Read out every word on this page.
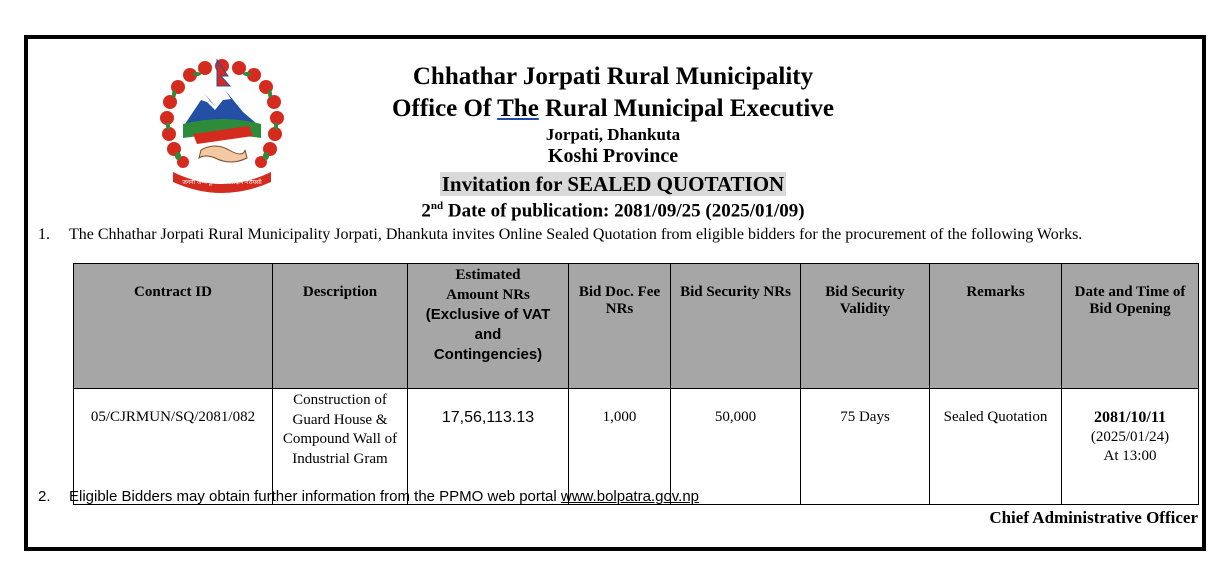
जननी जन्मभूमिश्च स्वर्गादपि गरीयसी
Chhathar Jorpati Rural Municipality
Office Of The Rural Municipal Executive
Jorpati, Dhankuta
Koshi Province
Invitation for SEALED QUOTATION
2nd Date of publication: 2081/09/25 (2025/01/09)
1. The Chhathar Jorpati Rural Municipality Jorpati, Dhankuta invites Online Sealed Quotation from eligible bidders for the procurement of the following Works.
Contract ID	Description	Estimated
Amount NRs
(Exclusive of VAT
and
Contingencies)	Bid Doc. Fee NRs	Bid Security NRs	Bid Security Validity	Remarks	Date and Time of Bid Opening
05/CJRMUN/SQ/2081/082	Construction of Guard House & Compound Wall of Industrial Gram	17,56,113.13	1,000	50,000	75 Days	Sealed Quotation	2081/10/11
(2025/01/24)
At 13:00
2. Eligible Bidders may obtain further information from the PPMO web portal www.bolpatra.gov.np
Chief Administrative Officer
